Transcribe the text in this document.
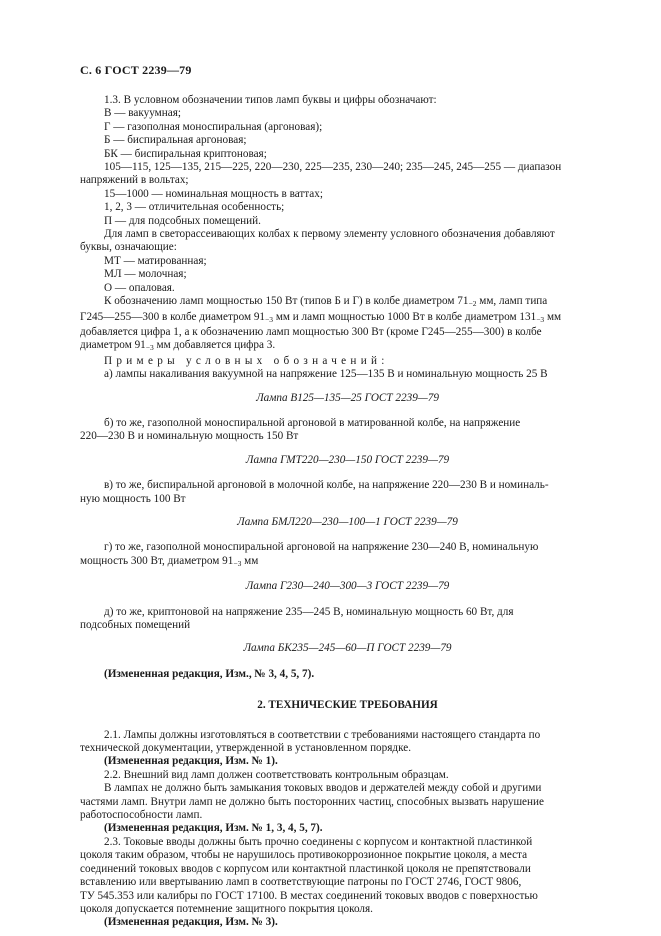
С. 6 ГОСТ 2239—79

1.3. В условном обозначении типов ламп буквы и цифры обозначают:

В — вакуумная;

Г — газополная моноспиральная (аргоновая);

Б — биспиральная аргоновая;

БК — биспиральная криптоновая;

105—115, 125—135, 215—225, 220—230, 225—235, 230—240; 235—245, 245—255 — диапазон

напряжений в вольтах;

15—1000 — номинальная мощность в ваттах;

1, 2, 3 — отличительная особенность;

П — для подсобных помещений.

Для ламп в светорассеивающих колбах к первому элементу условного обозначения добавляют

буквы, означающие:

МТ — матированная;

МЛ — молочная;

О — опаловая.

К обозначению ламп мощностью 150 Вт (типов Б и Г) в колбе диаметром $71_{-2}$ мм, ламп типа

Г245—255—300 в колбе диаметром $91_{-3}$ мм и ламп мощностью 1000 Вт в колбе диаметром $131_{-3}$ мм

добавляется цифра 1, а к обозначению ламп мощностью 300 Вт (кроме Г245—255—300) в колбе

диаметром $91_{-3}$ мм добавляется цифра 3.

Примеры условных обозначений:

а) лампы накаливания вакуумной на напряжение 125—135 В и номинальную мощность 25 В

Лампа В125—135—25 ГОСТ 2239—79

б) то же, газополной моноспиральной аргоновой в матированной колбе, на напряжение

220—230 В и номинальную мощность 150 Вт

Лампа ГМТ220—230—150 ГОСТ 2239—79

в) то же, биспиральной аргоновой в молочной колбе, на напряжение 220—230 В и номиналь-

ную мощность 100 Вт

Лампа БМЛ220—230—100—1 ГОСТ 2239—79

г) то же, газополной моноспиральной аргоновой на напряжение 230—240 В, номинальную

мощность 300 Вт, диаметром $91_{-3}$ мм

Лампа Г230—240—300—3 ГОСТ 2239—79

д) то же, криптоновой на напряжение 235—245 В, номинальную мощность 60 Вт, для

подсобных помещений

Лампа БК235—245—60—П ГОСТ 2239—79

(Измененная редакция, Изм., № 3, 4, 5, 7).

2. ТЕХНИЧЕСКИЕ ТРЕБОВАНИЯ

2.1. Лампы должны изготовляться в соответствии с требованиями настоящего стандарта по

технической документации, утвержденной в установленном порядке.

(Измененная редакция, Изм. № 1).

2.2. Внешний вид ламп должен соответствовать контрольным образцам.

В лампах не должно быть замыкания токовых вводов и держателей между собой и другими

частями ламп. Внутри ламп не должно быть посторонних частиц, способных вызвать нарушение

работоспособности ламп.

(Измененная редакция, Изм. № 1, 3, 4, 5, 7).

2.3. Токовые вводы должны быть прочно соединены с корпусом и контактной пластинкой

цоколя таким образом, чтобы не нарушилось противокоррозионное покрытие цоколя, а места

соединений токовых вводов с корпусом или контактной пластинкой цоколя не препятствовали

вставлению или ввертыванию ламп в соответствующие патроны по ГОСТ 2746, ГОСТ 9806,

ТУ 545.353 или калибры по ГОСТ 17100. В местах соединений токовых вводов с поверхностью

цоколя допускается потемнение защитного покрытия цоколя.

(Измененная редакция, Изм. № 3).
